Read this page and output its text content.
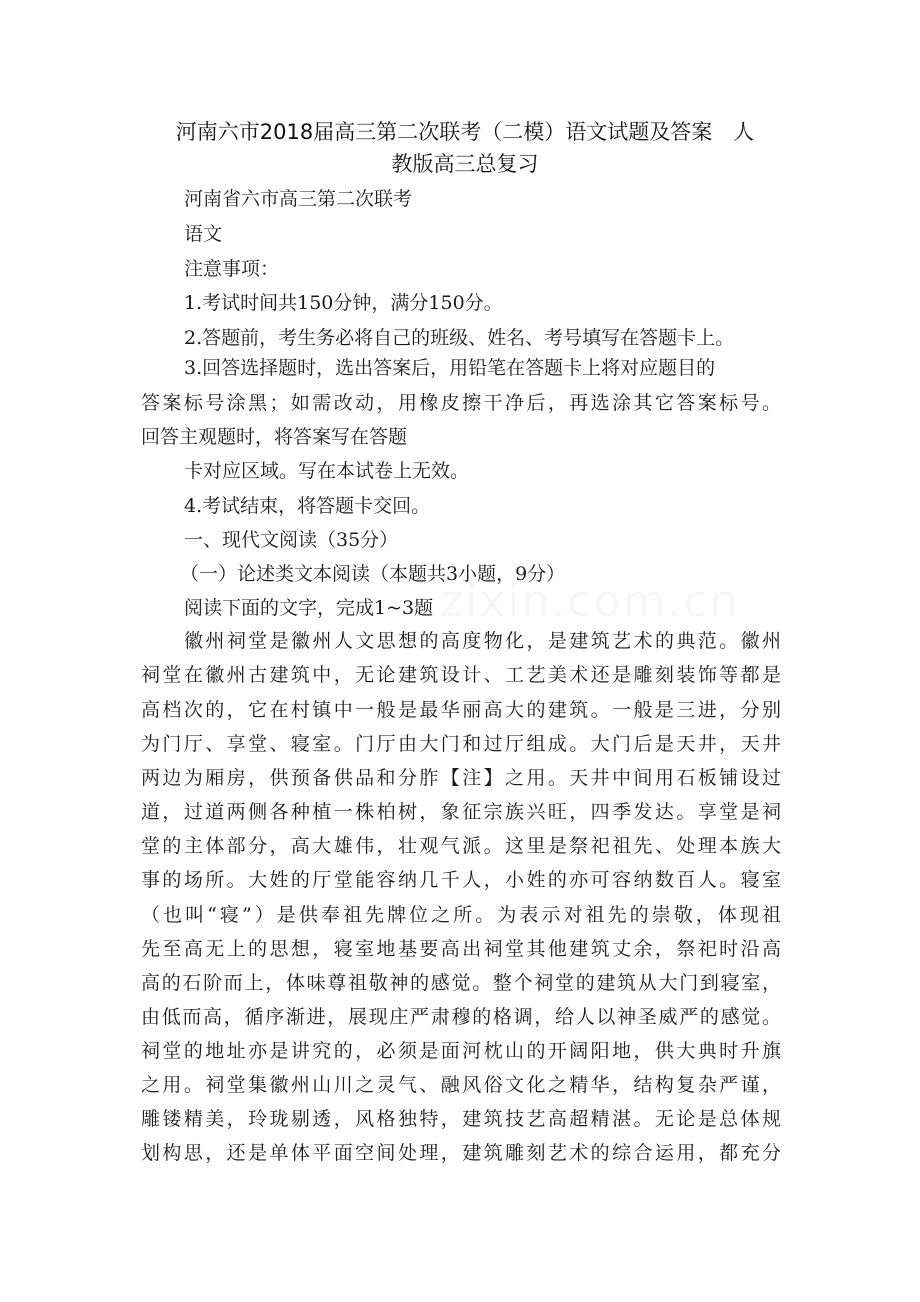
河南六市2018届高三第二次联考（二模）语文试题及答案　人
教版高三总复习
河南省六市高三第二次联考
语文
注意事项：
1.考试时间共150分钟，满分150分。
2.答题前，考生务必将自己的班级、姓名、考号填写在答题卡上。
3.回答选择题时，选出答案后，用铅笔在答题卡上将对应题目的
答案标号涂黑；如需改动，用橡皮擦干净后，再选涂其它答案标号。
回答主观题时，将答案写在答题
卡对应区域。写在本试卷上无效。
4.考试结束，将答题卡交回。
一、现代文阅读（35分）
（一）论述类文本阅读（本题共3小题，9分）
阅读下面的文字，完成1~3题
徽州祠堂是徽州人文思想的高度物化，是建筑艺术的典范。徽州
祠堂在徽州古建筑中，无论建筑设计、工艺美术还是雕刻装饰等都是
高档次的，它在村镇中一般是最华丽高大的建筑。一般是三进，分别
为门厅、享堂、寝室。门厅由大门和过厅组成。大门后是天井，天井
两边为厢房，供预备供品和分胙【注】之用。天井中间用石板铺设过
道，过道两侧各种植一株柏树，象征宗族兴旺，四季发达。享堂是祠
堂的主体部分，高大雄伟，壮观气派。这里是祭祀祖先、处理本族大
事的场所。大姓的厅堂能容纳几千人，小姓的亦可容纳数百人。寝室
（也叫“寝”）是供奉祖先牌位之所。为表示对祖先的崇敬，体现祖
先至高无上的思想，寝室地基要高出祠堂其他建筑丈余，祭祀时沿高
高的石阶而上，体味尊祖敬神的感觉。整个祠堂的建筑从大门到寝室，
由低而高，循序渐进，展现庄严肃穆的格调，给人以神圣威严的感觉。
祠堂的地址亦是讲究的，必须是面河枕山的开阔阳地，供大典时升旗
之用。祠堂集徽州山川之灵气、融风俗文化之精华，结构复杂严谨，
雕镂精美，玲珑剔透，风格独特，建筑技艺高超精湛。无论是总体规
划构思，还是单体平面空间处理，建筑雕刻艺术的综合运用，都充分
